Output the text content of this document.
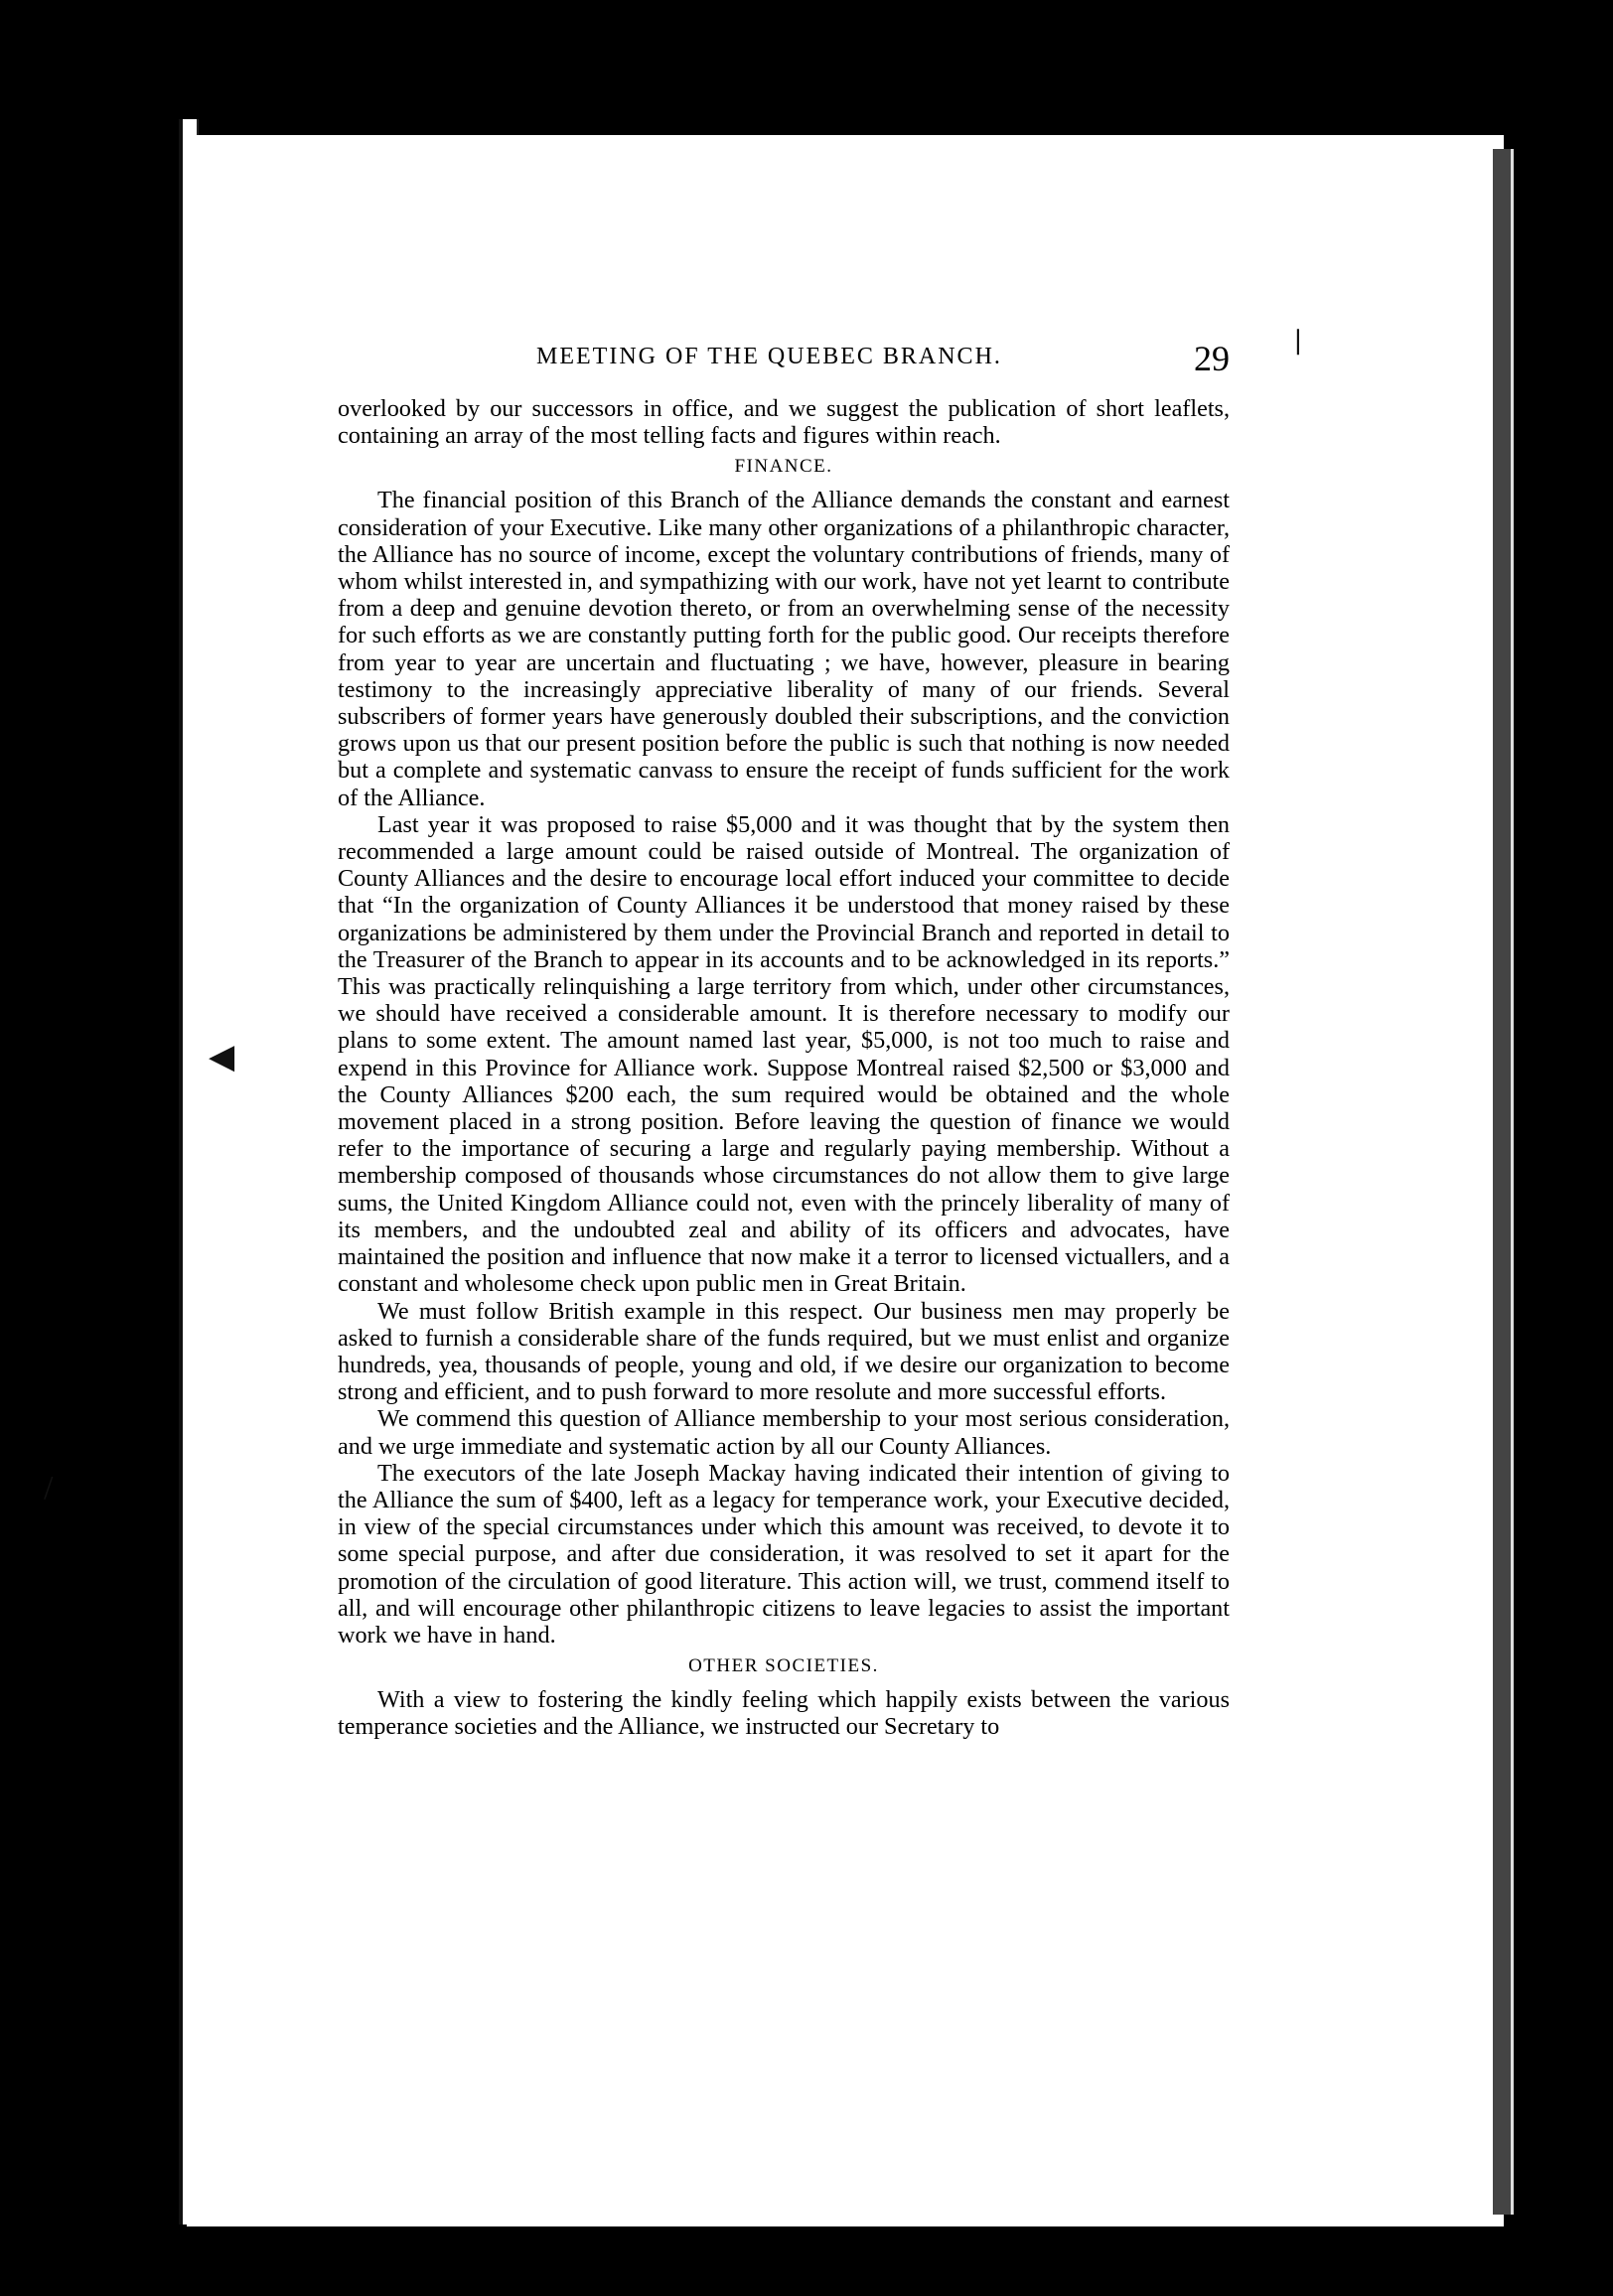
MEETING OF THE QUEBEC BRANCH.	29

overlooked by our successors in office, and we suggest the publication of short leaflets, containing an array of the most telling facts and figures within reach.

FINANCE.

The financial position of this Branch of the Alliance demands the constant and earnest consideration of your Executive. Like many other organizations of a philanthropic character, the Alliance has no source of income, except the voluntary contributions of friends, many of whom whilst interested in, and sympathizing with our work, have not yet learnt to contribute from a deep and genuine devotion thereto, or from an overwhelming sense of the necessity for such efforts as we are constantly putting forth for the public good. Our receipts therefore from year to year are uncertain and fluctuating ; we have, however, pleasure in bearing testimony to the increasingly appreciative liberality of many of our friends. Several subscribers of former years have generously doubled their subscriptions, and the conviction grows upon us that our present position before the public is such that nothing is now needed but a complete and systematic canvass to ensure the receipt of funds sufficient for the work of the Alliance.

Last year it was proposed to raise $5,000 and it was thought that by the system then recommended a large amount could be raised outside of Montreal. The organization of County Alliances and the desire to encourage local effort induced your committee to decide that “In the organization of County Alliances it be understood that money raised by these organizations be administered by them under the Provincial Branch and reported in detail to the Treasurer of the Branch to appear in its accounts and to be acknowledged in its reports.” This was practically relinquishing a large territory from which, under other circumstances, we should have received a considerable amount. It is therefore necessary to modify our plans to some extent. The amount named last year, $5,000, is not too much to raise and expend in this Province for Alliance work. Suppose Montreal raised $2,500 or $3,000 and the County Alliances $200 each, the sum required would be obtained and the whole movement placed in a strong position. Before leaving the question of finance we would refer to the importance of securing a large and regularly paying membership. Without a membership composed of thousands whose circumstances do not allow them to give large sums, the United Kingdom Alliance could not, even with the princely liberality of many of its members, and the undoubted zeal and ability of its officers and advocates, have maintained the position and influence that now make it a terror to licensed victuallers, and a constant and wholesome check upon public men in Great Britain.

We must follow British example in this respect. Our business men may properly be asked to furnish a considerable share of the funds required, but we must enlist and organize hundreds, yea, thousands of people, young and old, if we desire our organization to become strong and efficient, and to push forward to more resolute and more successful efforts.

We commend this question of Alliance membership to your most serious consideration, and we urge immediate and systematic action by all our County Alliances.

The executors of the late Joseph Mackay having indicated their intention of giving to the Alliance the sum of $400, left as a legacy for temperance work, your Executive decided, in view of the special circumstances under which this amount was received, to devote it to some special purpose, and after due consideration, it was resolved to set it apart for the promotion of the circulation of good literature. This action will, we trust, commend itself to all, and will encourage other philanthropic citizens to leave legacies to assist the important work we have in hand.

OTHER SOCIETIES.

With a view to fostering the kindly feeling which happily exists between the various temperance societies and the Alliance, we instructed our Secretary to

❘
◀
/
